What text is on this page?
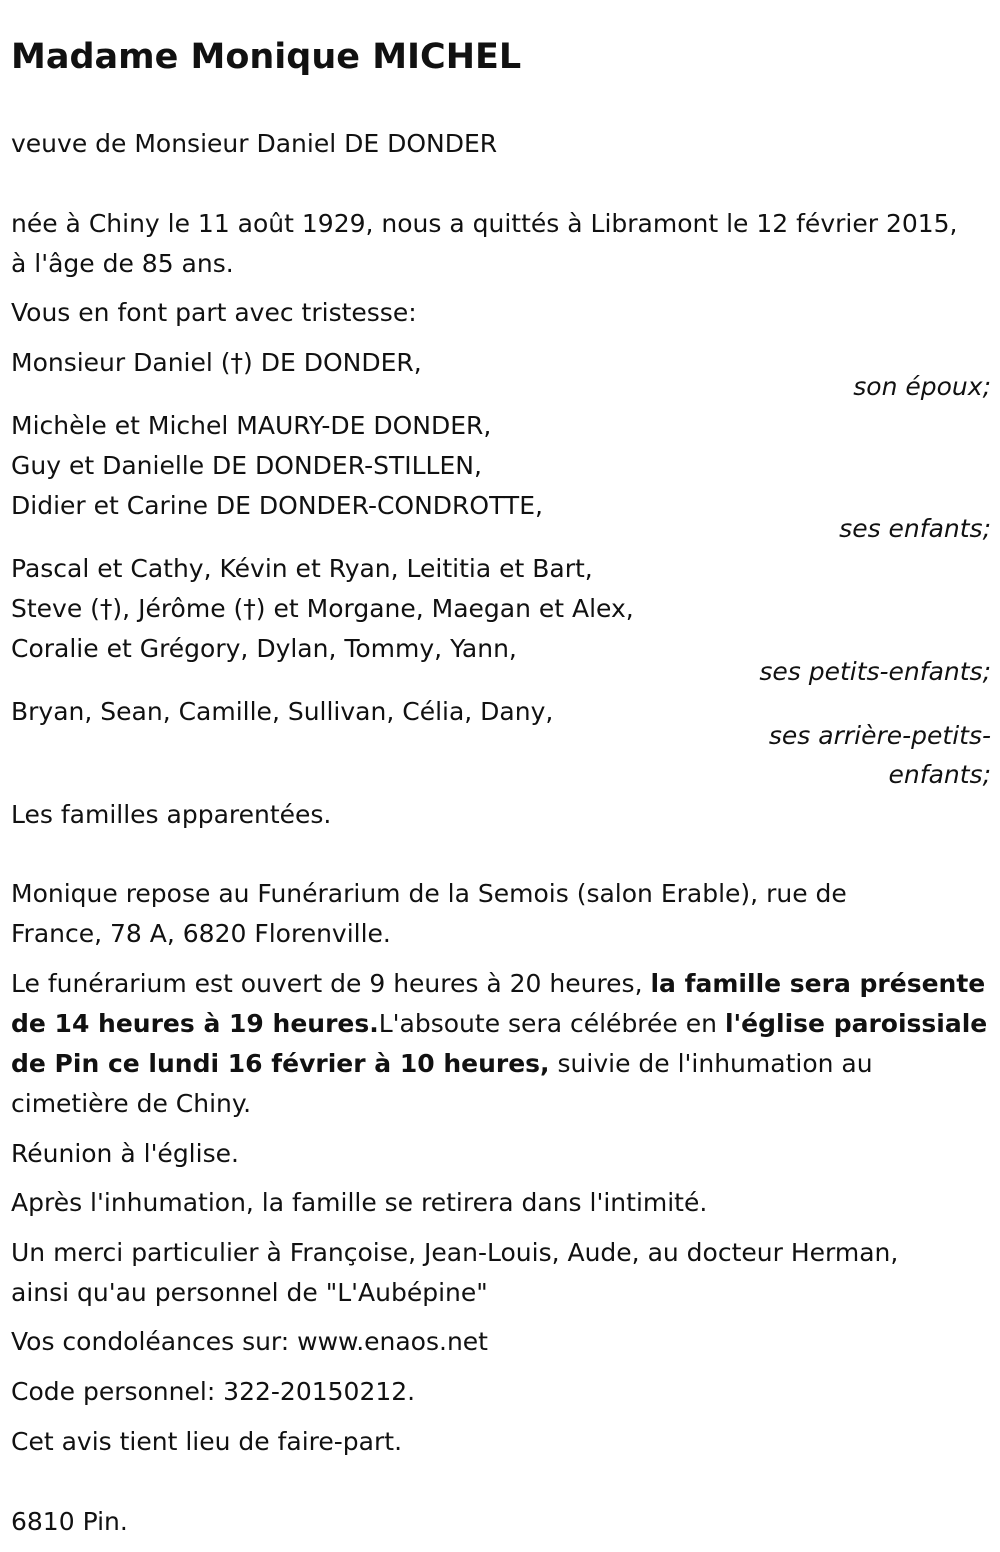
Madame Monique MICHEL
veuve de Monsieur Daniel DE DONDER
née à Chiny le 11 août 1929, nous a quittés à Libramont le 12 février 2015,
à l'âge de 85 ans.
Vous en font part avec tristesse:
Monsieur Daniel (†) DE DONDER,
son époux;
Michèle et Michel MAURY-DE DONDER,
Guy et Danielle DE DONDER-STILLEN,
Didier et Carine DE DONDER-CONDROTTE,
ses enfants;
Pascal et Cathy, Kévin et Ryan, Leititia et Bart,
Steve (†), Jérôme (†) et Morgane, Maegan et Alex,
Coralie et Grégory, Dylan, Tommy, Yann,
ses petits-enfants;
Bryan, Sean, Camille, Sullivan, Célia, Dany,
ses arrière-petits-
enfants;
Les familles apparentées.
Monique repose au Funérarium de la Semois (salon Erable), rue de
France, 78 A, 6820 Florenville.
Le funérarium est ouvert de 9 heures à 20 heures, la famille sera présente de 14 heures à 19 heures.L'absoute sera célébrée en l'église paroissiale de Pin ce lundi 16 février à 10 heures, suivie de l'inhumation au cimetière de Chiny.
Réunion à l'église.
Après l'inhumation, la famille se retirera dans l'intimité.
Un merci particulier à Françoise, Jean-Louis, Aude, au docteur Herman,
ainsi qu'au personnel de "L'Aubépine"
Vos condoléances sur: www.enaos.net
Code personnel: 322-20150212.
Cet avis tient lieu de faire-part.
6810 Pin.
